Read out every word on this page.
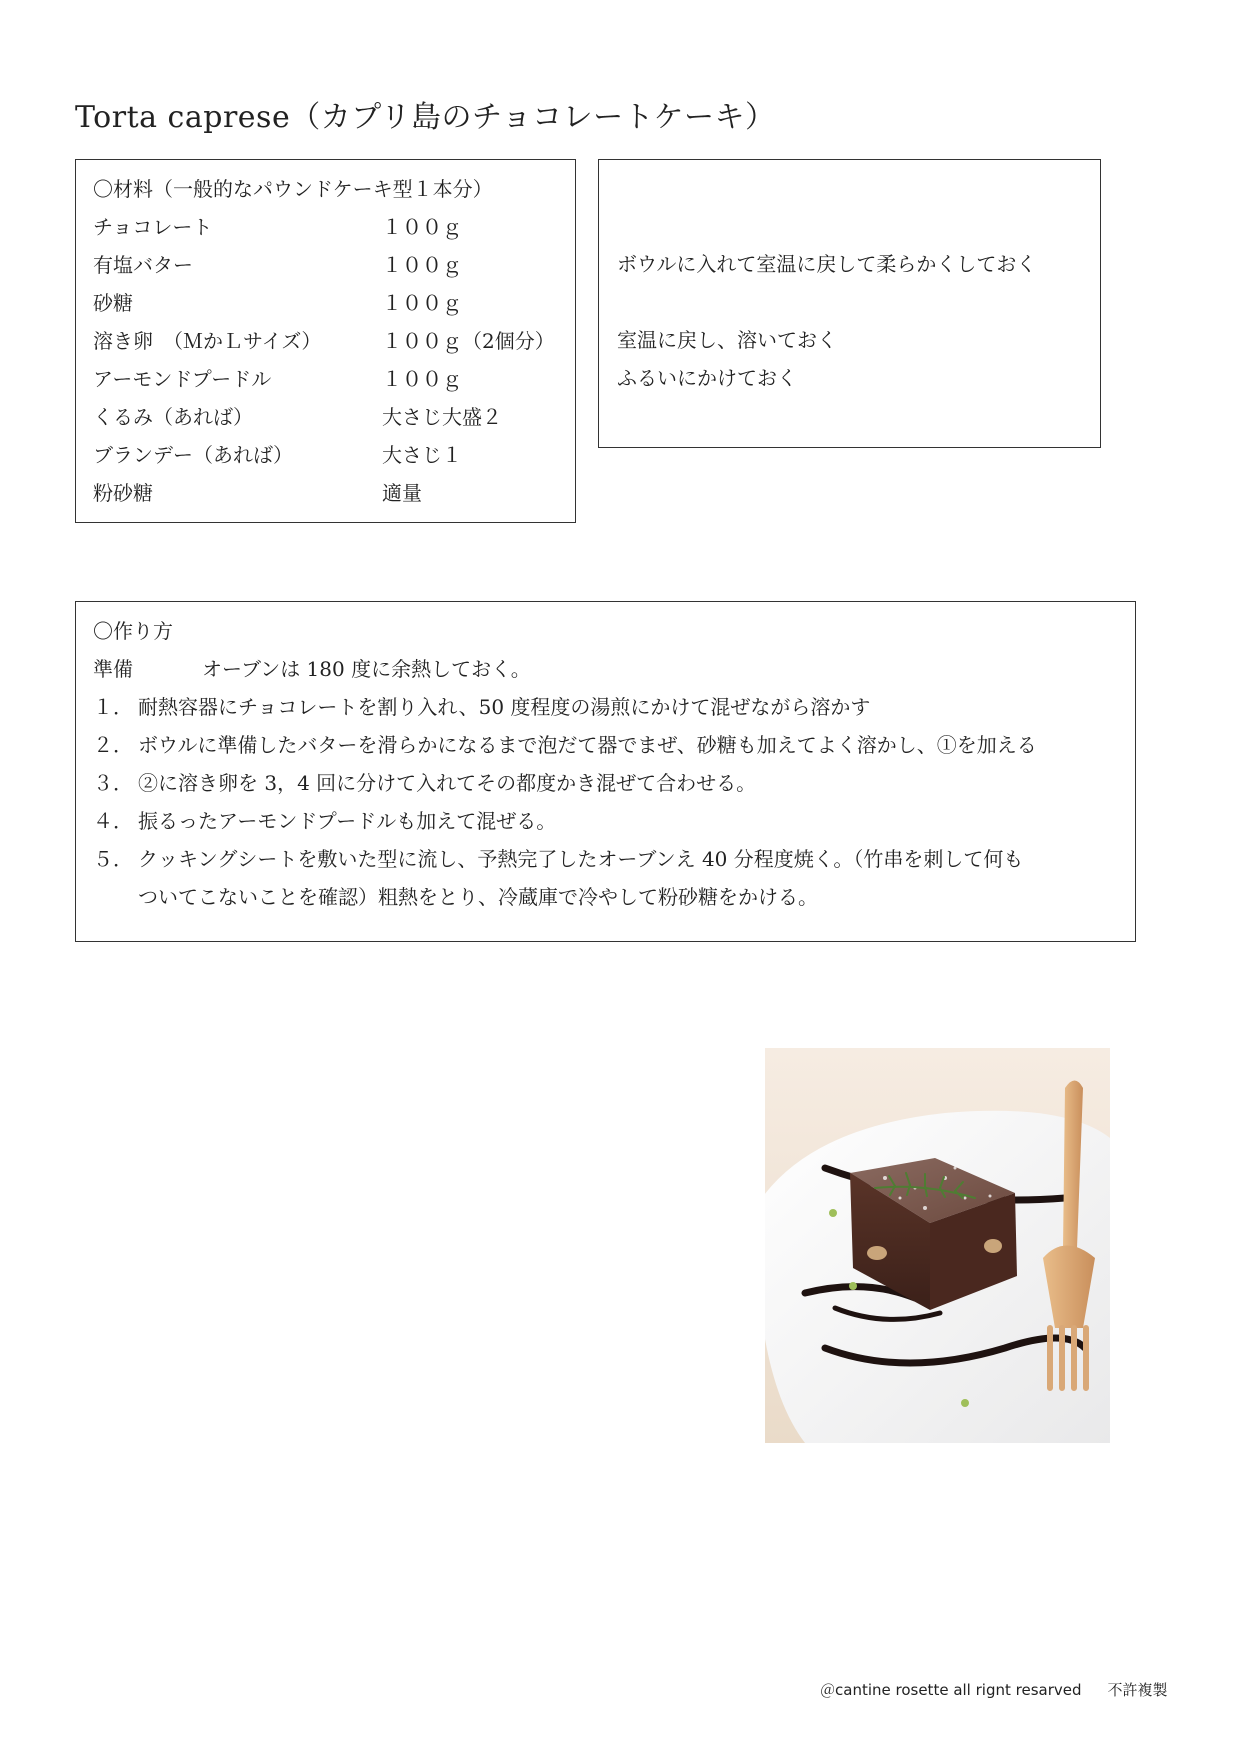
Torta caprese（カプリ島のチョコレートケーキ）
〇材料（一般的なパウンドケーキ型１本分）
チョコレート	１００ｇ
有塩バター	１００ｇ
砂糖	１００ｇ
溶き卵　（ＭかＬサイズ）	１００ｇ（2個分）
アーモンドプードル	１００ｇ
くるみ（あれば）	大さじ大盛２
ブランデー（あれば）	大さじ１
粉砂糖	適量
ボウルに入れて室温に戻して柔らかくしておく
室温に戻し、溶いておく
ふるいにかけておく
〇作り方
準備	オーブンは 180 度に余熱しておく。
１． 耐熱容器にチョコレートを割り入れ、50 度程度の湯煎にかけて混ぜながら溶かす
２． ボウルに準備したバターを滑らかになるまで泡だて器でまぜ、砂糖も加えてよく溶かし、①を加える
３． ②に溶き卵を 3，4 回に分けて入れてその都度かき混ぜて合わせる。
４． 振るったアーモンドプードルも加えて混ぜる。
５． クッキングシートを敷いた型に流し、予熱完了したオーブンえ 40 分程度焼く。（竹串を刺して何も
ついてこないことを確認）粗熱をとり、冷蔵庫で冷やして粉砂糖をかける。
＠cantine rosette all rignt resarved 不許複製
